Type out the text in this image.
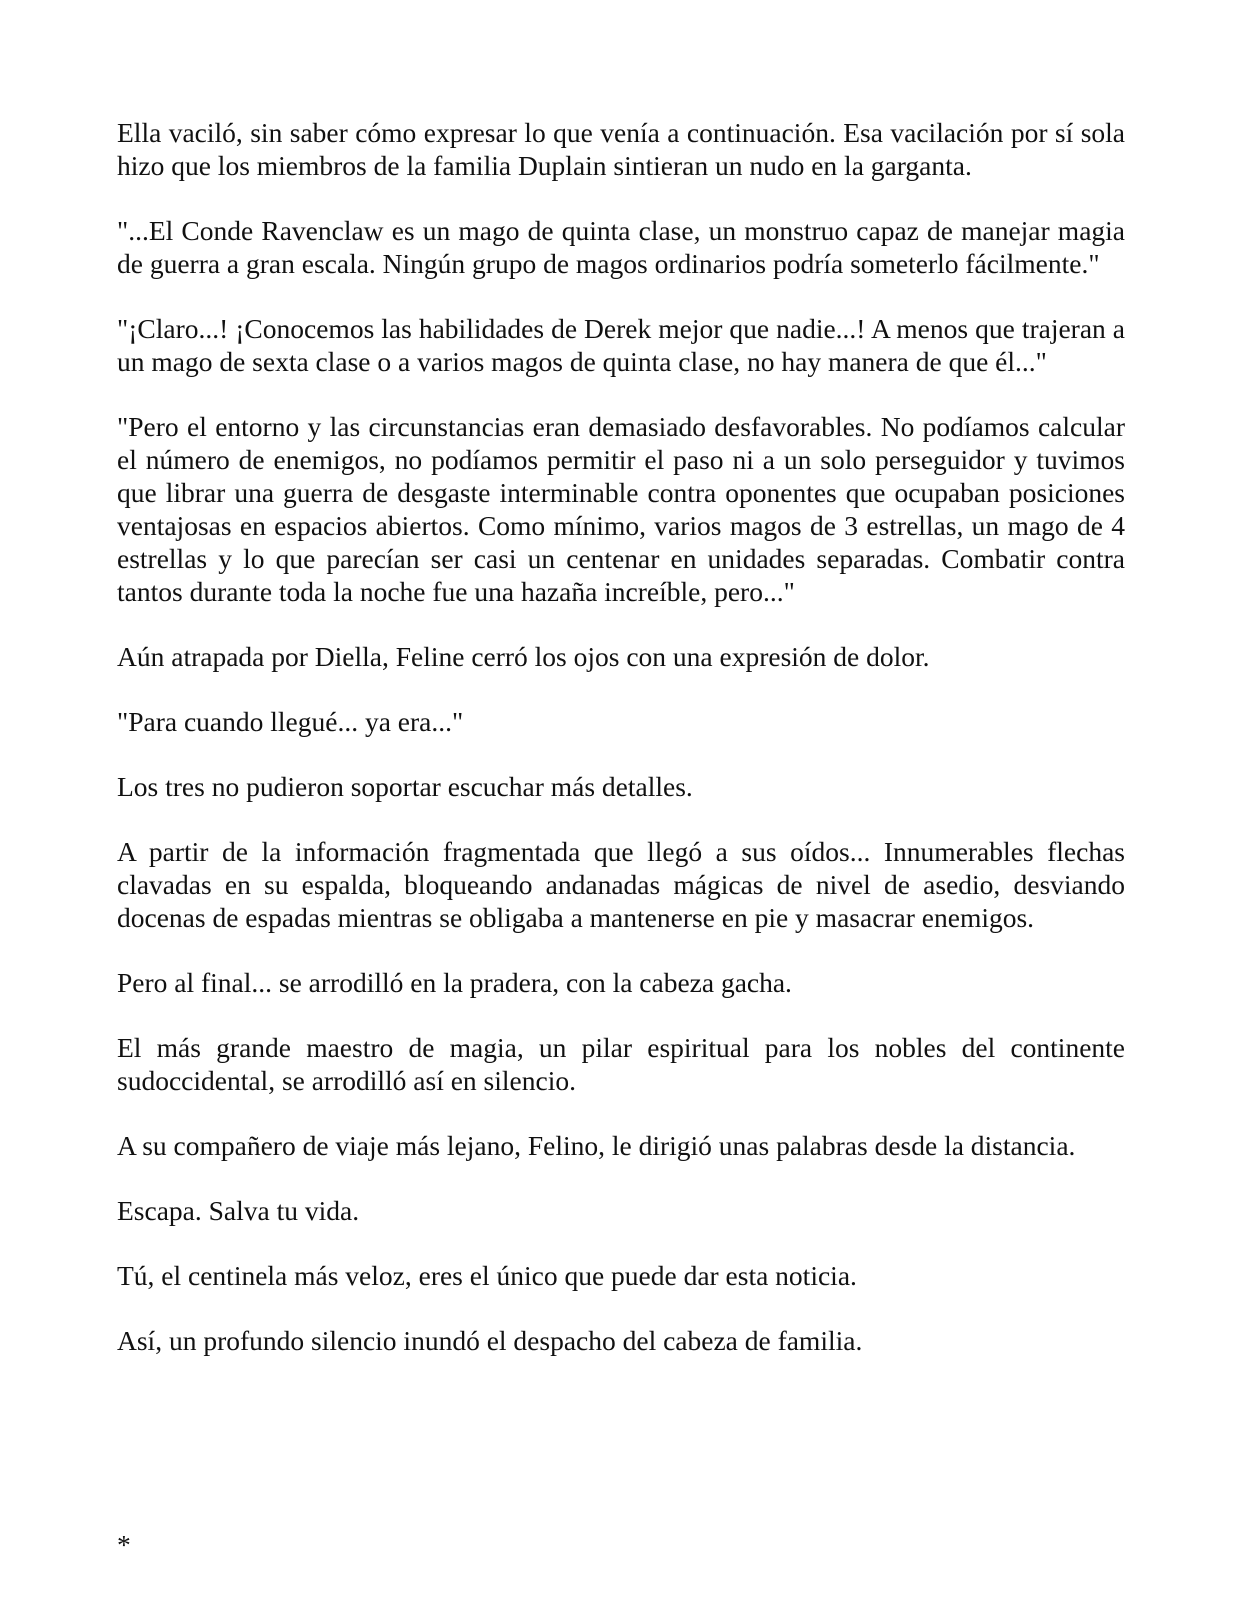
Ella vaciló, sin saber cómo expresar lo que venía a continuación. Esa vacilación por sí sola hizo que los miembros de la familia Duplain sintieran un nudo en la garganta.

"...El Conde Ravenclaw es un mago de quinta clase, un monstruo capaz de manejar magia de guerra a gran escala. Ningún grupo de magos ordinarios podría someterlo fácilmente."

"¡Claro...! ¡Conocemos las habilidades de Derek mejor que nadie...! A menos que trajeran a un mago de sexta clase o a varios magos de quinta clase, no hay manera de que él..."

"Pero el entorno y las circunstancias eran demasiado desfavorables. No podíamos calcular el número de enemigos, no podíamos permitir el paso ni a un solo perseguidor y tuvimos que librar una guerra de desgaste interminable contra oponentes que ocupaban posiciones ventajosas en espacios abiertos. Como mínimo, varios magos de 3 estrellas, un mago de 4 estrellas y lo que parecían ser casi un centenar en unidades separadas. Combatir contra tantos durante toda la noche fue una hazaña increíble, pero..."

Aún atrapada por Diella, Feline cerró los ojos con una expresión de dolor.

"Para cuando llegué... ya era..."

Los tres no pudieron soportar escuchar más detalles.

A partir de la información fragmentada que llegó a sus oídos... Innumerables flechas clavadas en su espalda, bloqueando andanadas mágicas de nivel de asedio, desviando docenas de espadas mientras se obligaba a mantenerse en pie y masacrar enemigos.

Pero al final... se arrodilló en la pradera, con la cabeza gacha.

El más grande maestro de magia, un pilar espiritual para los nobles del continente sudoccidental, se arrodilló así en silencio.

A su compañero de viaje más lejano, Felino, le dirigió unas palabras desde la distancia.

Escapa. Salva tu vida.

Tú, el centinela más veloz, eres el único que puede dar esta noticia.

Así, un profundo silencio inundó el despacho del cabeza de familia.

*
